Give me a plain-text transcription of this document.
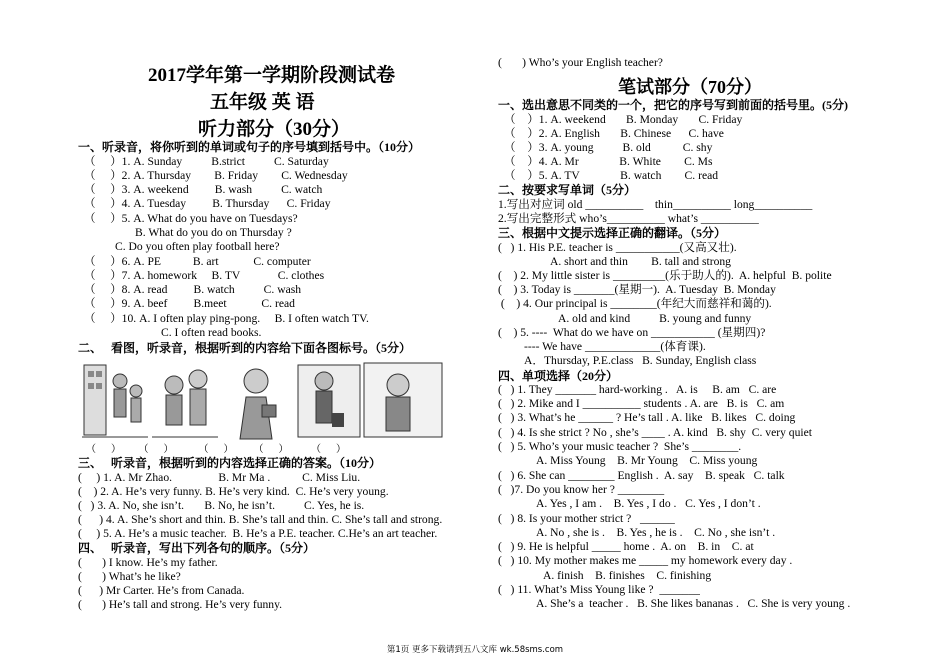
2017学年第一学期阶段测试卷
五年级 英 语
听力部分（30分）
一、听录音，将你听到的单词或句子的序号填到括号中。（10分）
（     ）1. A. Sunday          B.strict          C. Saturday
（     ）2. A. Thursday        B. Friday        C. Wednesday
（     ）3. A. weekend         B. wash          C. watch
（     ）4. A. Tuesday         B. Thursday      C. Friday
（     ）5. A. What do you have on Tuesdays?
B. What do you do on Thursday ?
C. Do you often play football here?
（     ）6. A. PE           B. art            C. computer
（     ）7. A. homework     B. TV             C. clothes
（     ）8. A. read         B. watch          C. wash
（     ）9. A. beef         B.meet            C. read
（     ）10. A. I often play ping-pong.     B. I often watch TV.
C. I often read books.
二、   看图，听录音，根据听到的内容给下面各图标号。（5分）
（      ）       （      ）          （      ）        （      ）         （      ）
三、   听录音，根据听到的内容选择正确的答案。（10分）
(     ) 1. A. Mr Zhao.                B. Mr Ma .           C. Miss Liu.
(    ) 2. A. He’s very funny. B. He’s very kind.  C. He’s very young.
(   ) 3. A. No, she isn’t.       B. No, he isn’t.          C. Yes, he is.
(      ) 4. A. She’s short and thin. B. She’s tall and thin. C. She’s tall and strong.
(     ) 5. A. He’s a music teacher.  B. He’s a P.E. teacher. C.He’s an art teacher.
四、   听录音，写出下列各句的顺序。（5分）
(       ) I know. He’s my father.
(       ) What’s he like?
(      ) Mr Carter. He’s from Canada.
(       ) He’s tall and strong. He’s very funny.
笔试部分（70分）
(       ) Who’s your English teacher?
一、选出意思不同类的一个，把它的序号写到前面的括号里。(5分)
（    ）1. A. weekend       B. Monday       C. Friday
（    ）2. A. English       B. Chinese      C. have
（    ）3. A. young          B. old           C. shy
（    ）4. A. Mr              B. White        C. Ms
（    ）5. A. TV              B. watch        C. read
二、按要求写单词（5分）
1.写出对应词 old __________    thin__________ long__________
2.写出完整形式 who’s__________ what’s __________
三、根据中文提示选择正确的翻译。（5分）
(   ) 1. His P.E. teacher is ___________(又高又壮).
A. short and thin        B. tall and strong
(    ) 2. My little sister is _________(乐于助人的).  A. helpful  B. polite
(    ) 3. Today is _______(星期一).  A. Tuesday  B. Monday
(    ) 4. Our principal is ________(年纪大而慈祥和蔼的).
A. old and kind          B. young and funny
(    ) 5. ----  What do we have on ___________ (星期四)?
---- We have _____________(体育课).
A．Thursday, P.E.class   B. Sunday, English class
四、单项选择（20分）
(   ) 1. They _______ hard-working .   A. is     B. am   C. are
(   ) 2. Mike and I __________ students . A. are   B. is   C. am
(   ) 3. What’s he ______ ? He’s tall . A. like   B. likes   C. doing
(   ) 4. Is she strict ? No , she’s ____ . A. kind   B. shy  C. very quiet
(   ) 5. Who’s your music teacher ?  She’s ________.
A. Miss Young    B. Mr Young    C. Miss young
(   ) 6. She can ________ English .  A. say    B. speak   C. talk
(   )7. Do you know her ? ________
A. Yes , I am .    B. Yes , I do .   C. Yes , I don’t .
(   ) 8. Is your mother strict ?   ______
A. No , she is .    B. Yes , he is .    C. No , she isn’t .
(   ) 9. He is helpful _____ home .  A. on    B. in    C. at
(   ) 10. My mother makes me _____ my homework every day .
A. finish    B. finishes    C. finishing
(   ) 11. What’s Miss Young like ?  _______
A. She’s a  teacher .   B. She likes bananas .   C. She is very young .
第1页 更多下载请到五八文库 wk.58sms.com
